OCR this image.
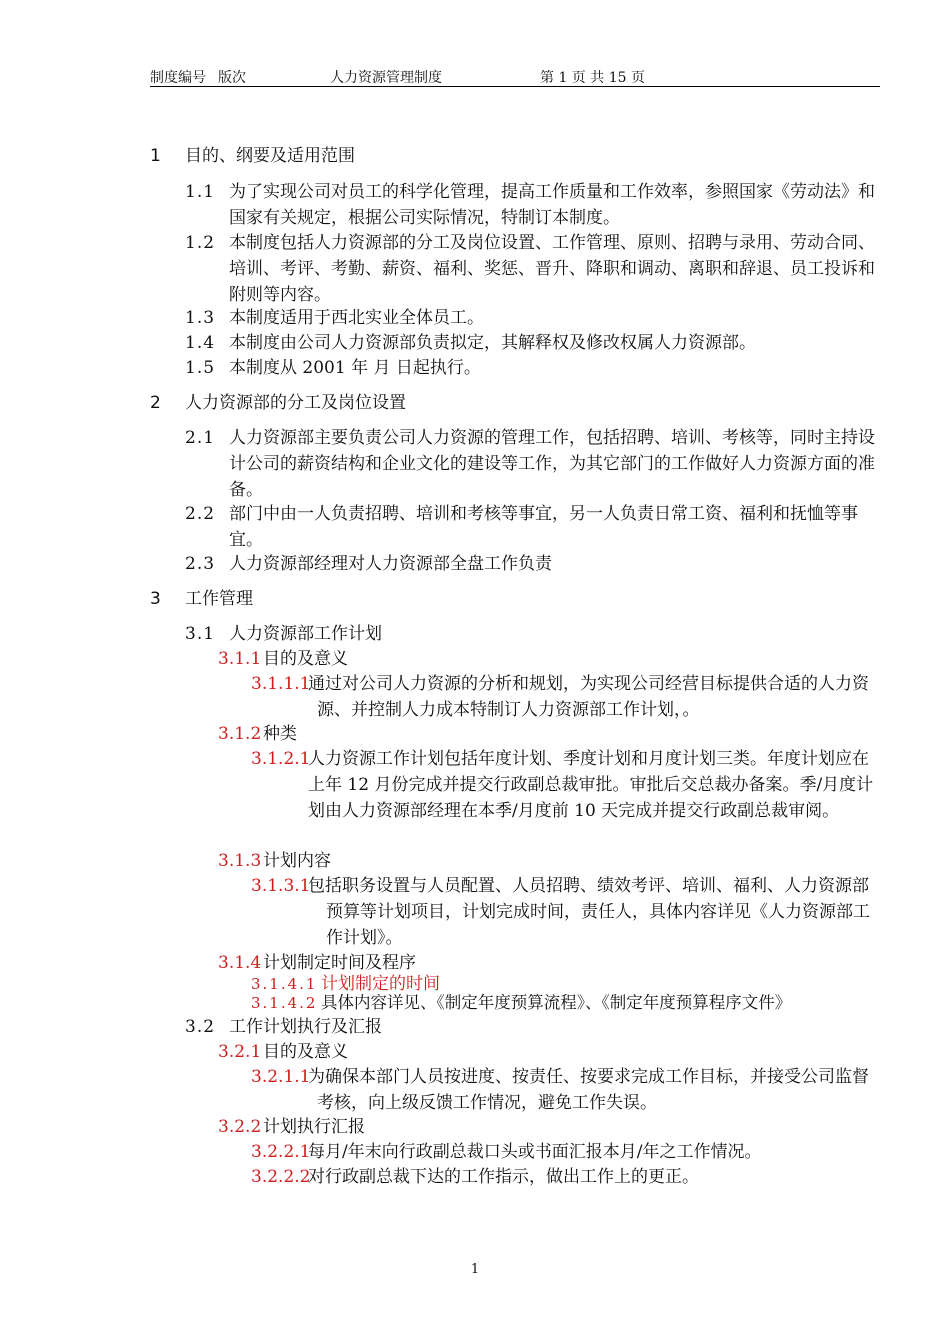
制度编号 版次	人力资源管理制度	第 1 页 共 15 页
1	目的、纲要及适用范围
1.1 为了实现公司对员工的科学化管理，提高工作质量和工作效率，参照国家《劳动法》和国家有关规定，根据公司实际情况，特制订本制度。
1.2 本制度包括人力资源部的分工及岗位设置、工作管理、原则、招聘与录用、劳动合同、培训、考评、考勤、薪资、福利、奖惩、晋升、降职和调动、离职和辞退、员工投诉和附则等内容。
1.3 本制度适用于西北实业全体员工。
1.4 本制度由公司人力资源部负责拟定，其解释权及修改权属人力资源部。
1.5 本制度从 2001 年 月 日起执行。
2	人力资源部的分工及岗位设置
2.1 人力资源部主要负责公司人力资源的管理工作，包括招聘、培训、考核等，同时主持设计公司的薪资结构和企业文化的建设等工作，为其它部门的工作做好人力资源方面的准备。
2.2 部门中由一人负责招聘、培训和考核等事宜，另一人负责日常工资、福利和抚恤等事宜。
2.3 人力资源部经理对人力资源部全盘工作负责
3	工作管理
3.1 人力资源部工作计划
3.1.1 目的及意义
3.1.1.1
通过对公司人力资源的分析和规划，为实现公司经营目标提供合适的人力资源、并控制人力成本特制订人力资源部工作计划，。
3.1.2 种类
3.1.2.1
人力资源工作计划包括年度计划、季度计划和月度计划三类。年度计划应在上年 12 月份完成并提交行政副总裁审批。审批后交总裁办备案。季/月度计划由人力资源部经理在本季/月度前 10 天完成并提交行政副总裁审阅。
3.1.3 计划内容
3.1.3.1
包括职务设置与人员配置、人员招聘、绩效考评、培训、福利、人力资源部预算等计划项目，计划完成时间，责任人，具体内容详见《人力资源部工作计划》。
3.1.4 计划制定时间及程序
3.1.4.1 计划制定的时间
3.1.4.2 具体内容详见、《制定年度预算流程》、《制定年度预算程序文件》
3.2 工作计划执行及汇报
3.2.1 目的及意义
3.2.1.1
为确保本部门人员按进度、按责任、按要求完成工作目标，并接受公司监督考核，向上级反馈工作情况，避免工作失误。
3.2.2 计划执行汇报
3.2.2.1
每月/年末向行政副总裁口头或书面汇报本月/年之工作情况。
3.2.2.2
对行政副总裁下达的工作指示，做出工作上的更正。
1
